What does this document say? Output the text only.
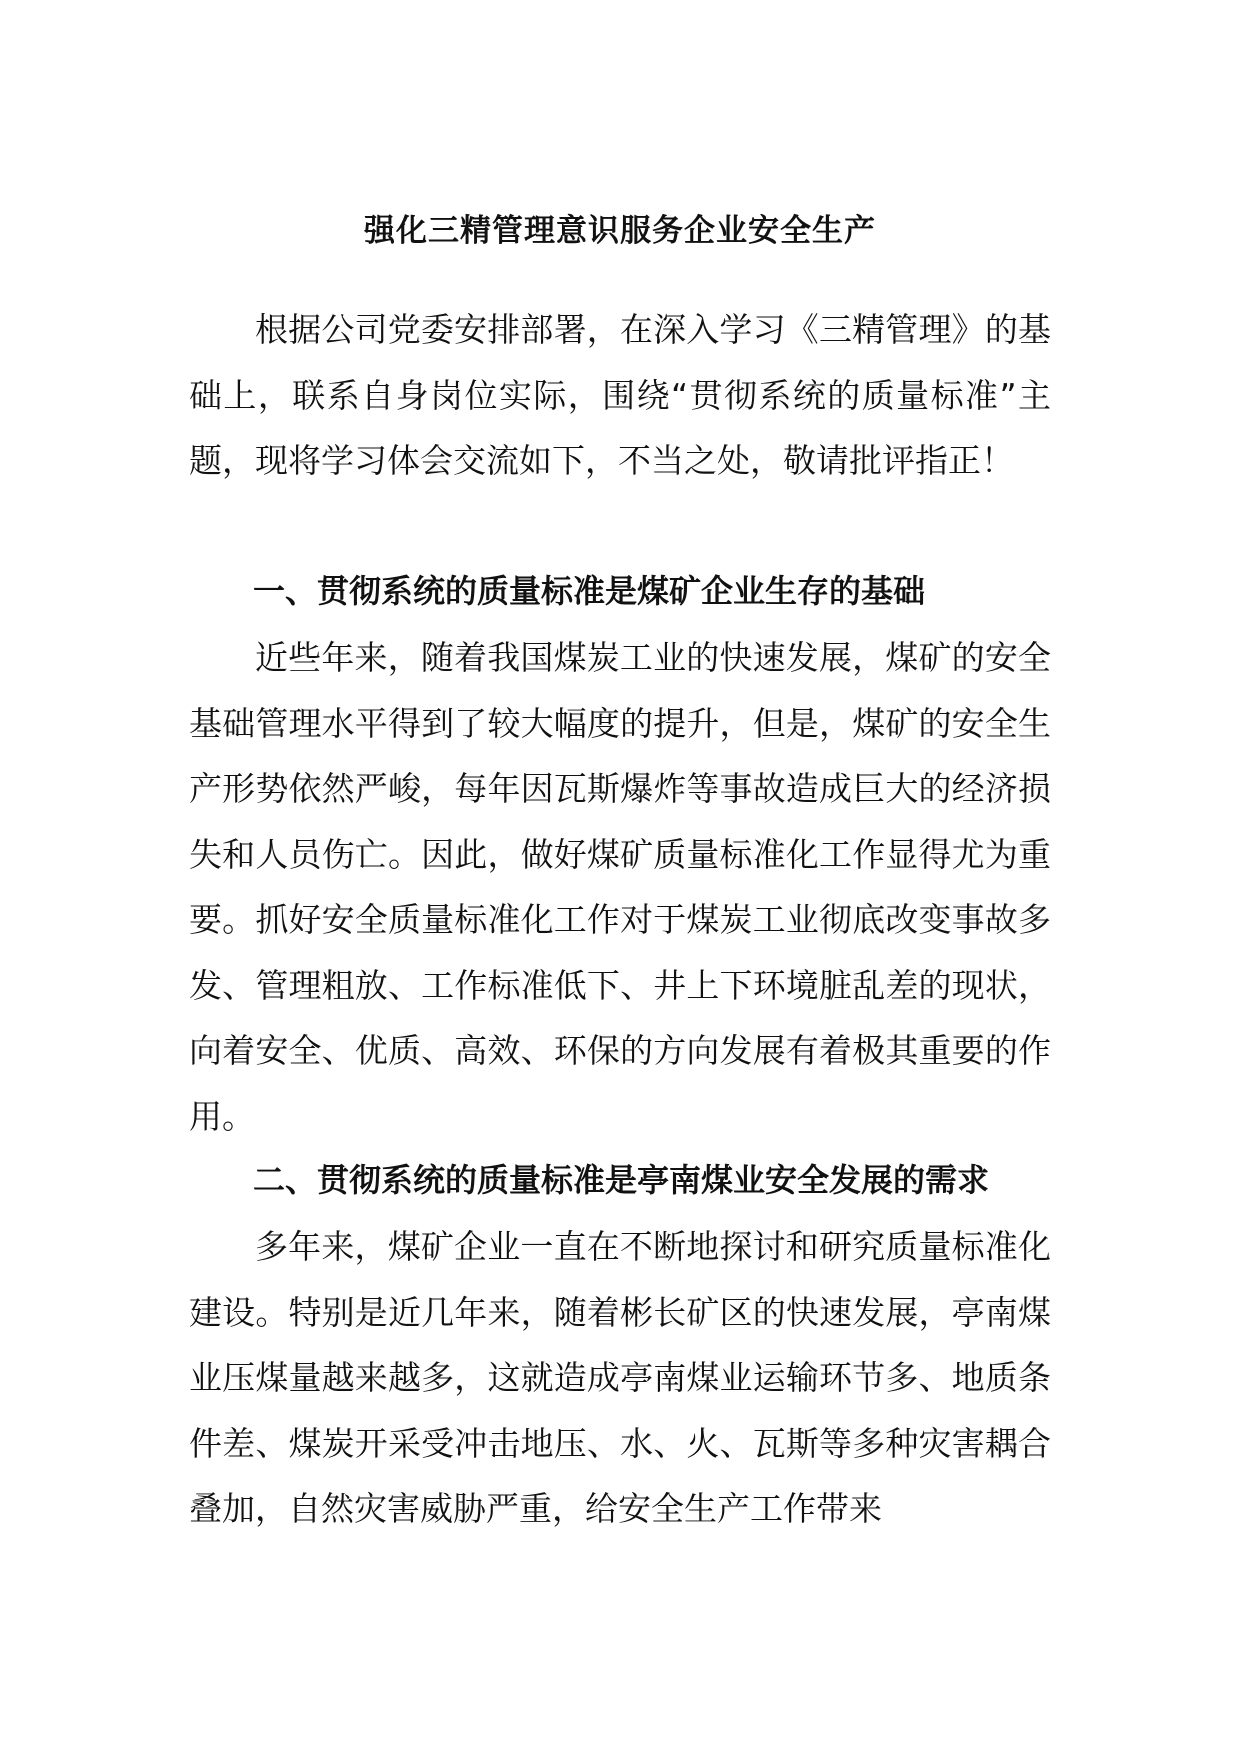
强化三精管理意识服务企业安全生产

根据公司党委安排部署，在深入学习《三精管理》的基础上，联系自身岗位实际，围绕“贯彻系统的质量标准”主题，现将学习体会交流如下，不当之处，敬请批评指正！

一、贯彻系统的质量标准是煤矿企业生存的基础

近些年来，随着我国煤炭工业的快速发展，煤矿的安全基础管理水平得到了较大幅度的提升，但是，煤矿的安全生产形势依然严峻，每年因瓦斯爆炸等事故造成巨大的经济损失和人员伤亡。因此，做好煤矿质量标准化工作显得尤为重要。抓好安全质量标准化工作对于煤炭工业彻底改变事故多发、管理粗放、工作标准低下、井上下环境脏乱差的现状，向着安全、优质、高效、环保的方向发展有着极其重要的作用。

二、贯彻系统的质量标准是亭南煤业安全发展的需求

多年来，煤矿企业一直在不断地探讨和研究质量标准化建设。特别是近几年来，随着彬长矿区的快速发展，亭南煤业压煤量越来越多，这就造成亭南煤业运输环节多、地质条件差、煤炭开采受冲击地压、水、火、瓦斯等多种灾害耦合叠加，自然灾害威胁严重，给安全生产工作带来
